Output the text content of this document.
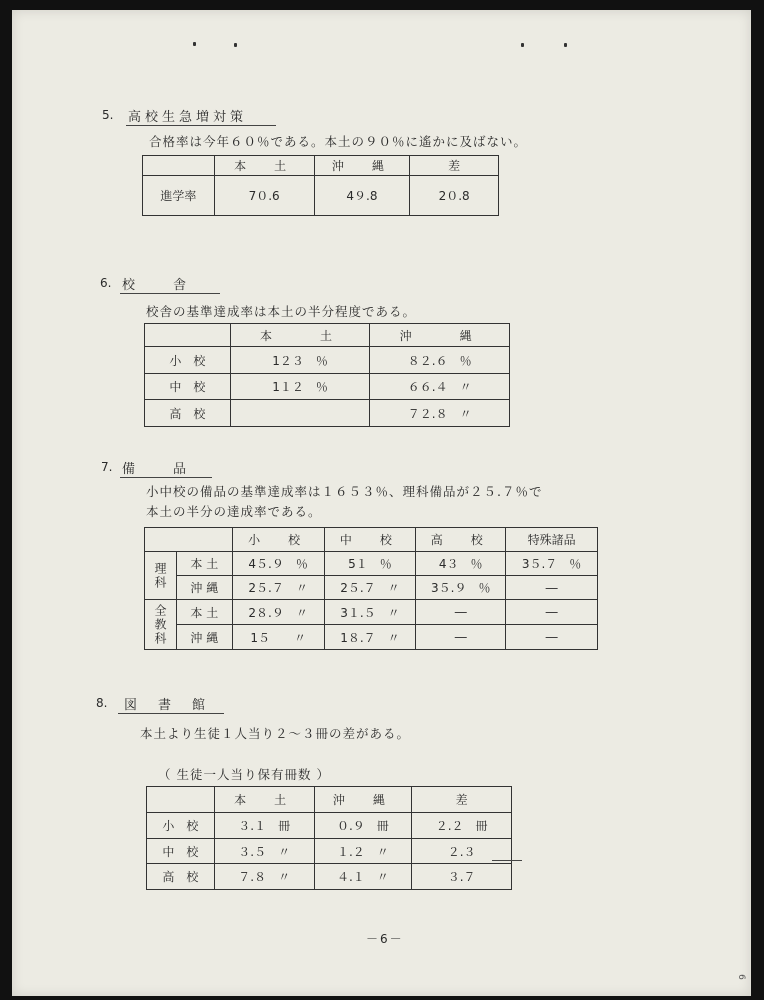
5. 高校生急増対策
合格率は今年６０％である。本土の９０％に遙かに及ばない。
	本　土	沖　縄	差
進学率	7０.6	4９.8	2０.8
6. 校　　舎
校舎の基準達成率は本土の半分程度である。
	本　　土	沖　　縄
小　校	1２３　％	８２.６　％
中　校	1１２　％	６６.４　〃
高　校		７２.８　〃
7. 備　　品
小中校の備品の基準達成率は１６５３％、理科備品が２５.７％で
本土の半分の達成率である。
		小　校	中　校	高　校	特殊諸品

理科	本 土	4５.９　％	5１　％	4３　％	3５.７　％
	沖 縄	2５.７　〃	2５.７　〃	3５.９　％	―

全教科	本 土	2８.９　〃	3１.５　〃	―	―
	沖 縄	1５　　〃	1８.７　〃	―	―
8. 図　書　館
本土より生徒１人当り２～３冊の差がある。
（ 生徒一人当り保有冊数 ）
	本　土	沖　縄	差
小　校	３.１　冊	０.９　冊	２.２　冊
中　校	３.５　〃	１.２　〃	２.３
高　校	７.８　〃	４.１　〃	３.７
－6－
6
